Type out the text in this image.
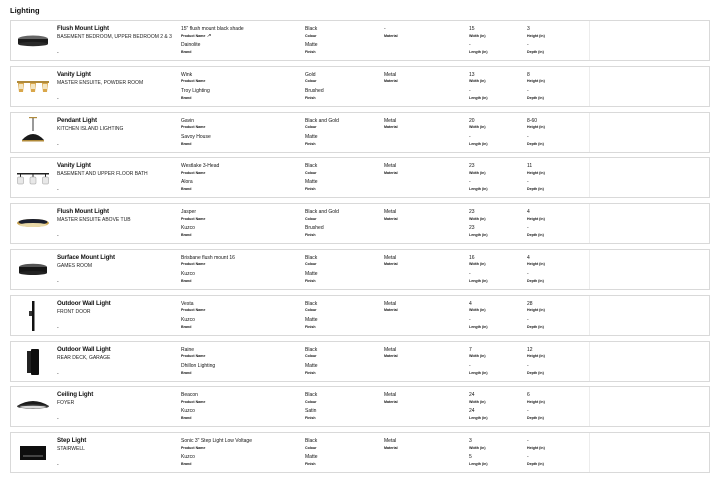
Lighting
Flush Mount Light
BASEMENT BEDROOM, UPPER BEDROOM 2 & 3
-
15" flush mount black shade
Product Name
Dainolite
Brand
Black
Colour
Matte
Finish
-
Material
15
Width (in)
-
Length (in)
3
Height (in)
-
Depth (in)
Vanity Light
MASTER ENSUITE, POWDER ROOM
-
Wink
Product Name
Troy Lighting
Brand
Gold
Colour
Brushed
Finish
Metal
Material
13
Width (in)
-
Length (in)
8
Height (in)
-
Depth (in)
Pendant Light
KITCHEN ISLAND LIGHTING
-
Gavin
Product Name
Savoy House
Brand
Black and Gold
Colour
Matte
Finish
Metal
Material
20
Width (in)
-
Length (in)
8-60
Height (in)
-
Depth (in)
Vanity Light
BASEMENT AND UPPER FLOOR BATH
-
Westlake 3-Head
Product Name
Alora
Brand
Black
Colour
Matte
Finish
Metal
Material
23
Width (in)
-
Length (in)
11
Height (in)
-
Depth (in)
Flush Mount Light
MASTER ENSUITE ABOVE TUB
-
Jasper
Product Name
Kuzco
Brand
Black and Gold
Colour
Brushed
Finish
Metal
Material
23
Width (in)
23
Length (in)
4
Height (in)
-
Depth (in)
Surface Mount Light
GAMES ROOM
-
Brisbane flush mount 16
Product Name
Kuzco
Brand
Black
Colour
Matte
Finish
Metal
Material
16
Width (in)
-
Length (in)
4
Height (in)
-
Depth (in)
Outdoor Wall Light
FRONT DOOR
-
Vesta
Product Name
Kuzco
Brand
Black
Colour
Matte
Finish
Metal
Material
4
Width (in)
-
Length (in)
28
Height (in)
-
Depth (in)
Outdoor Wall Light
REAR DECK, GARAGE
-
Raine
Product Name
Dhillon Lighting
Brand
Black
Colour
Matte
Finish
Metal
Material
7
Width (in)
-
Length (in)
12
Height (in)
-
Depth (in)
Ceiling Light
FOYER
-
Beacon
Product Name
Kuzco
Brand
Black
Colour
Satin
Finish
Metal
Material
24
Width (in)
24
Length (in)
6
Height (in)
-
Depth (in)
Step Light
STAIRWELL
-
Sonic 3" Step Light Low Voltage
Product Name
Kuzco
Brand
Black
Colour
Matte
Finish
Metal
Material
3
Width (in)
5
Length (in)
-
Height (in)
-
Depth (in)
